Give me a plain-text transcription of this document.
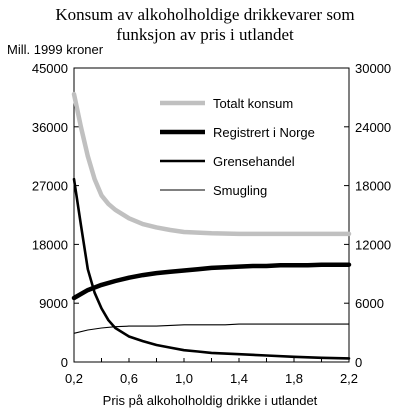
Konsum av alkoholholdige drikkevarer som
funksjon av pris i utlandet
Mill. 1999 kroner
0
9000
18000
27000
36000
45000
0
6000
12000
18000
24000
30000
0,2	0,6	1,0	1,4	1,8	2,2
Totalt konsum
Registrert i Norge
Grensehandel
Smugling
Pris på alkoholholdig drikke i utlandet
